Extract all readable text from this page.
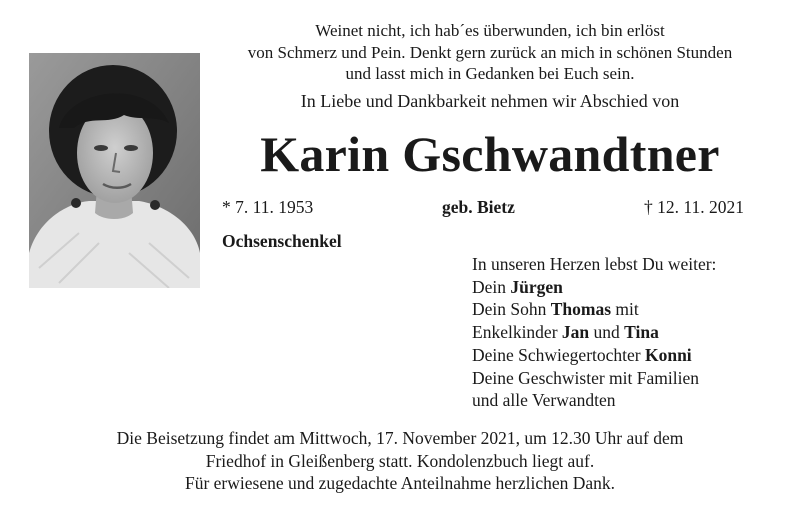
Weinet nicht, ich hab´es überwunden, ich bin erlöst
von Schmerz und Pein. Denkt gern zurück an mich in schönen Stunden
und lasst mich in Gedanken bei Euch sein.
In Liebe und Dankbarkeit nehmen wir Abschied von
Karin Gschwandtner
* 7. 11. 1953	geb. Bietz	† 12. 11. 2021
Ochsenschenkel
In unseren Herzen lebst Du weiter:
Dein Jürgen
Dein Sohn Thomas mit
Enkelkinder Jan und Tina
Deine Schwiegertochter Konni
Deine Geschwister mit Familien
und alle Verwandten
Die Beisetzung findet am Mittwoch, 17. November 2021, um 12.30 Uhr auf dem
Friedhof in Gleißenberg statt. Kondolenzbuch liegt auf.
Für erwiesene und zugedachte Anteilnahme herzlichen Dank.
